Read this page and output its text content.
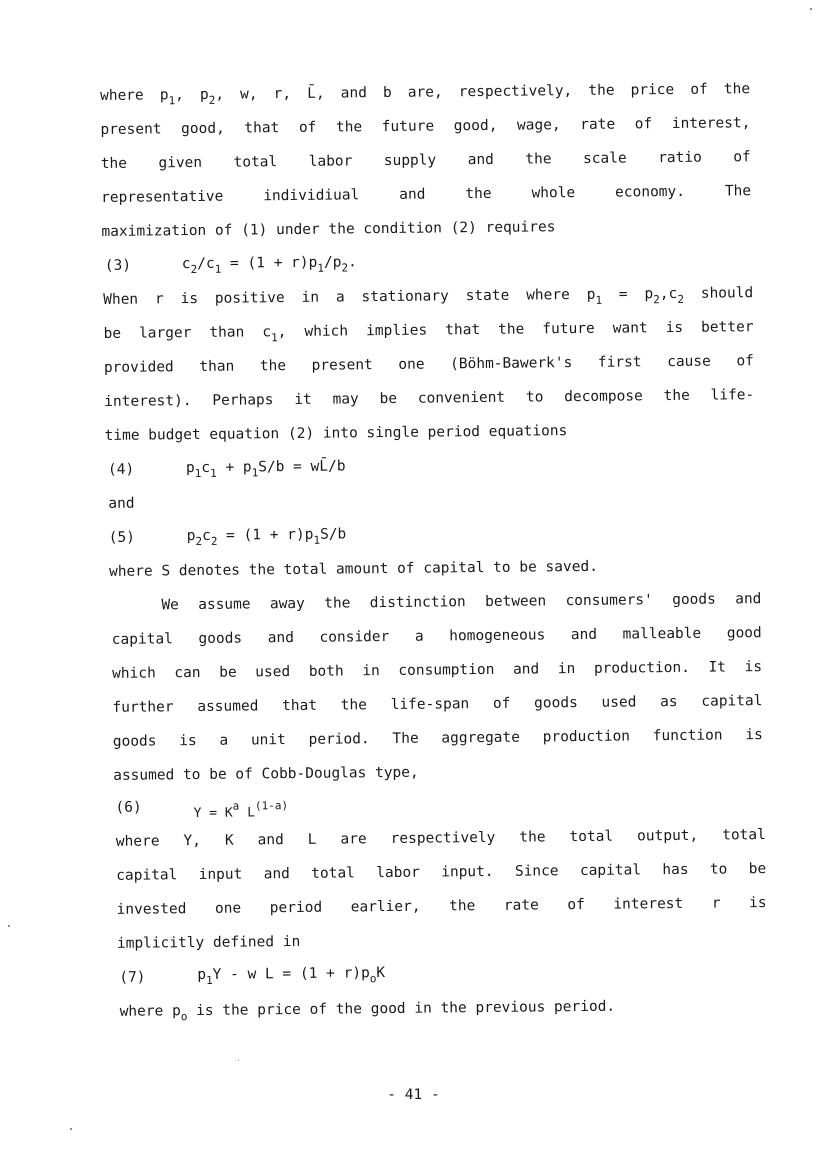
where $p_1$, $p_2$, w, r, L̄, and b are, respectively, the price of the
present good, that of the future good, wage, rate of interest,
the given total labor supply and the scale ratio of
representative individiual and the whole economy. The
maximization of (1) under the condition (2) requires
(3)	$c_2/c_1 = (1 + r)p_1/p_2$.
When r is positive in a stationary state where $p_1 = p_2,c_2$ should
be larger than $c_1$, which implies that the future want is better
provided than the present one (Böhm-Bawerk's first cause of
interest). Perhaps it may be convenient to decompose the life-
time budget equation (2) into single period equations
(4)	$p_1c_1 + p_1S/b$ = wL̄/b
and
(5)	$p_2c_2 = (1 + r)p_1S/b$
where S denotes the total amount of capital to be saved.
We assume away the distinction between consumers' goods and
capital goods and consider a homogeneous and malleable good
which can be used both in consumption and in production. It is
further assumed that the life-span of goods used as capital
goods is a unit period. The aggregate production function is
assumed to be of Cobb-Douglas type,
(6)	$Y = K^a$ $L^{(1-a)}$
where Y, K and L are respectively the total output, total
capital input and total labor input. Since capital has to be
invested one period earlier, the rate of interest r is
implicitly defined in
(7)	$p_1Y$ - w $L = (1 + r)p_oK$
where $p_o$ is the price of the good in the previous period.
- 41 -
